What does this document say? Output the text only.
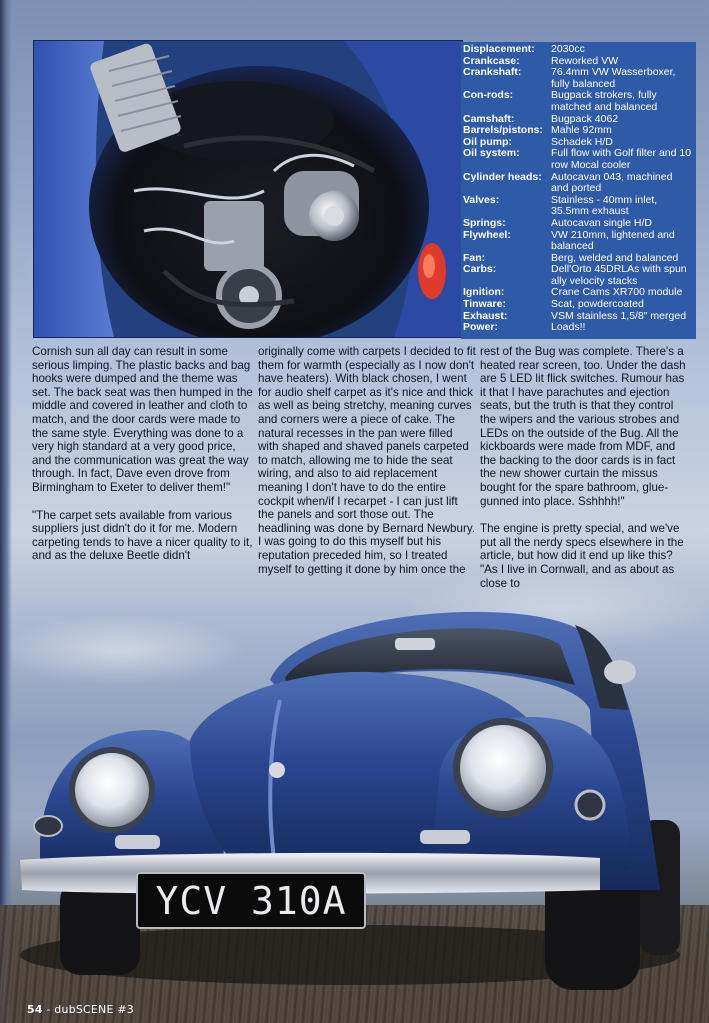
Displacement:	2030cc
Crankcase:	Reworked VW
Crankshaft:	76.4mm VW Wasserboxer, fully balanced
Con-rods:	Bugpack strokers, fully matched and balanced
Camshaft:	Bugpack 4062
Barrels/pistons: Mahle 92mm
Oil pump:	Schadek H/D
Oil system:	Full flow with Golf filter and 10 row Mocal cooler
Cylinder heads: Autocavan 043, machined and ported
Valves:	Stainless - 40mm inlet, 35.5mm exhaust
Springs:	Autocavan single H/D
Flywheel:	VW 210mm, lightened and balanced
Fan:	Berg, welded and balanced
Carbs:	Dell'Orto 45DRLAs with spun ally velocity stacks
Ignition:	Crane Cams XR700 module
Tinware:	Scat, powdercoated
Exhaust:	VSM stainless 1,5/8" merged
Power:	Loads!!

Cornish sun all day can result in some serious limping. The plastic backs and bag hooks were dumped and the theme was set. The back seat was then humped in the middle and covered in leather and cloth to match, and the door cards were made to the same style. Everything was done to a very high standard at a very good price, and the communication was great the way through. In fact, Dave even drove from Birmingham to Exeter to deliver them!"

"The carpet sets available from various suppliers just didn't do it for me. Modern carpeting tends to have a nicer quality to it, and as the deluxe Beetle didn't

originally come with carpets I decided to fit them for warmth (especially as I now don't have heaters). With black chosen, I went for audio shelf carpet as it's nice and thick as well as being stretchy, meaning curves and corners were a piece of cake. The natural recesses in the pan were filled with shaped and shaved panels carpeted to match, allowing me to hide the seat wiring, and also to aid replacement meaning I don't have to do the entire cockpit when/if I recarpet - I can just lift the panels and sort those out. The headlining was done by Bernard Newbury. I was going to do this myself but his reputation preceded him, so I treated myself to getting it done by him once the

rest of the Bug was complete. There's a heated rear screen, too. Under the dash are 5 LED lit flick switches. Rumour has it that I have parachutes and ejection seats, but the truth is that they control the wipers and the various strobes and LEDs on the outside of the Bug. All the kickboards were made from MDF, and the backing to the door cards is in fact the new shower curtain the missus bought for the spare bathroom, glue-gunned into place. Sshhhh!"

The engine is pretty special, and we've put all the nerdy specs elsewhere in the article, but how did it end up like this? "As I live in Cornwall, and as about as close to

YCV 310A
54 - dubSCENE #3
